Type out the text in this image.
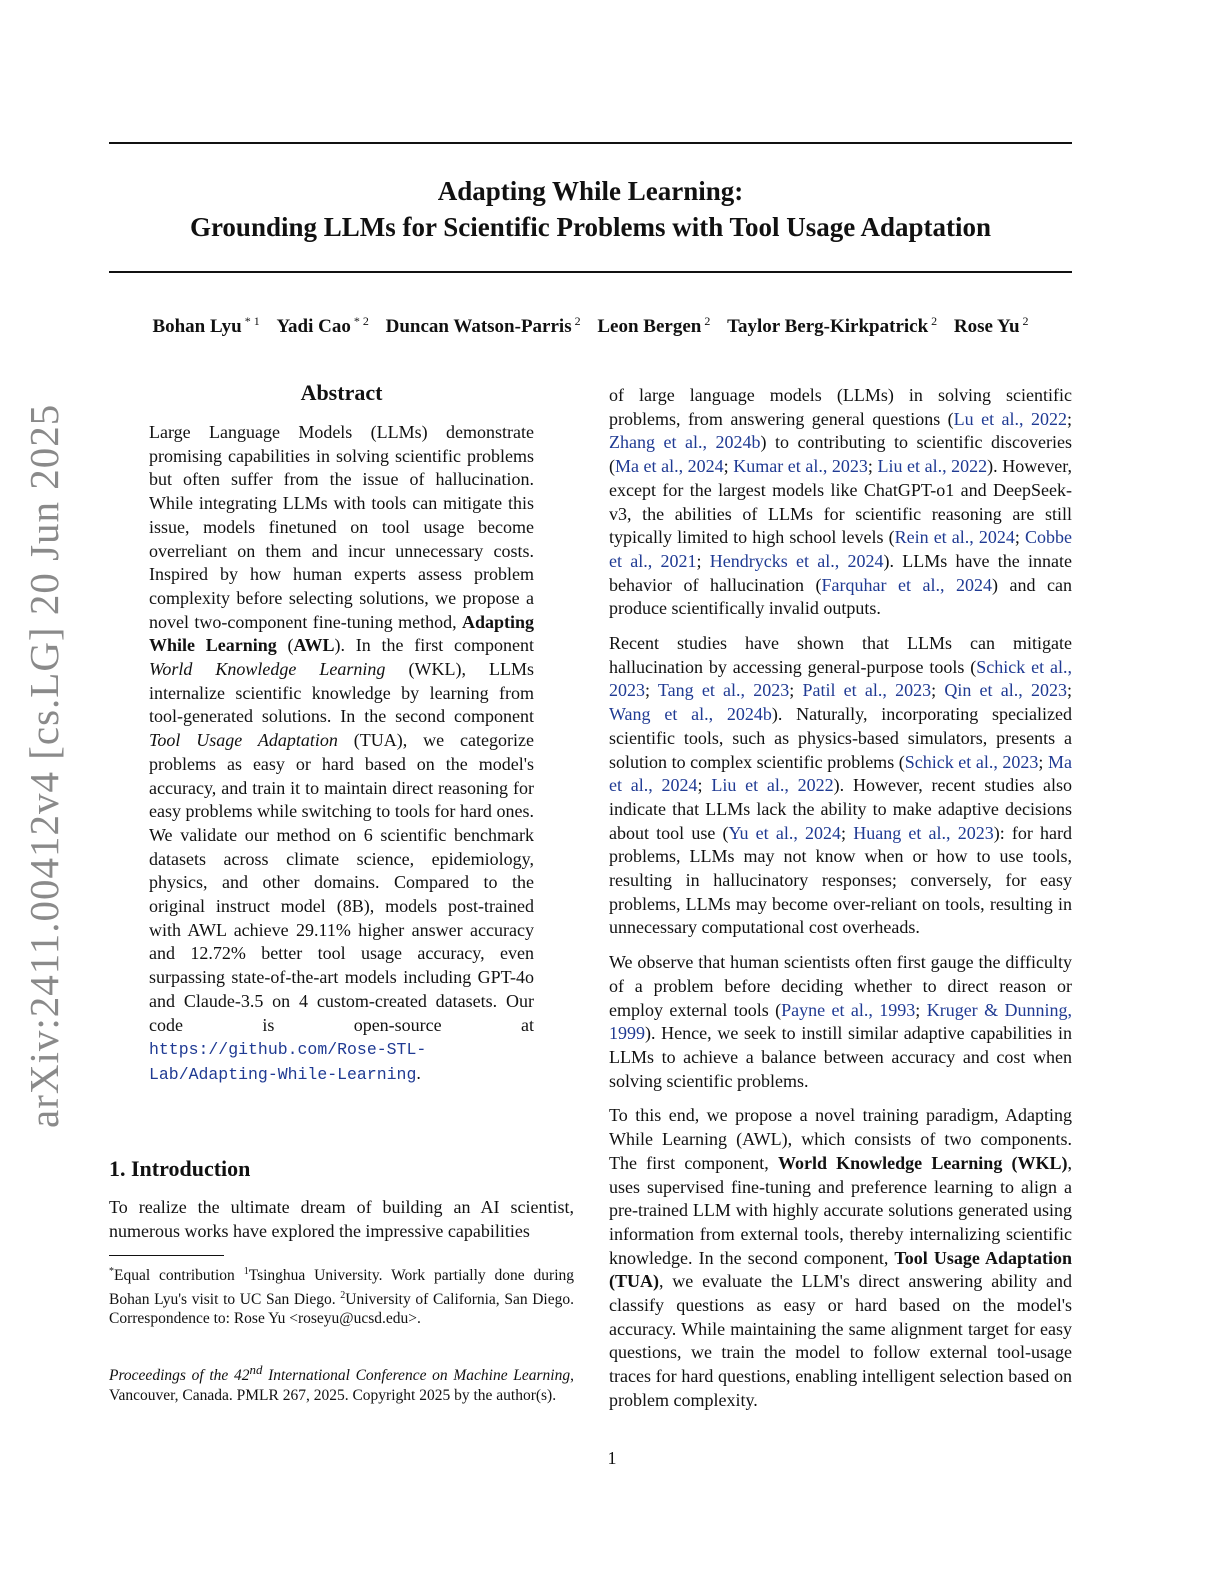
arXiv:2411.00412v4 [cs.LG] 20 Jun 2025
Adapting While Learning:
Grounding LLMs for Scientific Problems with Tool Usage Adaptation
Bohan Lyu $^{* 1}$ Yadi Cao $^{* 2}$ Duncan Watson-Parris $^2$ Leon Bergen $^2$ Taylor Berg-Kirkpatrick $^2$ Rose Yu $^2$
Abstract
Large Language Models (LLMs) demonstrate promising capabilities in solving scientific problems but often suffer from the issue of hallucination. While integrating LLMs with tools can mitigate this issue, models finetuned on tool usage become overreliant on them and incur unnecessary costs. Inspired by how human experts assess problem complexity before selecting solutions, we propose a novel two-component fine-tuning method, Adapting While Learning (AWL). In the first component World Knowledge Learning (WKL), LLMs internalize scientific knowledge by learning from tool-generated solutions. In the second component Tool Usage Adaptation (TUA), we categorize problems as easy or hard based on the model's accuracy, and train it to maintain direct reasoning for easy problems while switching to tools for hard ones. We validate our method on 6 scientific benchmark datasets across climate science, epidemiology, physics, and other domains. Compared to the original instruct model (8B), models post-trained with AWL achieve 29.11% higher answer accuracy and 12.72% better tool usage accuracy, even surpassing state-of-the-art models including GPT-4o and Claude-3.5 on 4 custom-created datasets. Our code is open-source at https://github.com/Rose-STL-Lab/Adapting-While-Learning.
1. Introduction
To realize the ultimate dream of building an AI scientist, numerous works have explored the impressive capabilities
*Equal contribution $^1$Tsinghua University. Work partially done during Bohan Lyu's visit to UC San Diego. $^2$University of California, San Diego. Correspondence to: Rose Yu <roseyu@ucsd.edu>.
Proceedings of the 42nd International Conference on Machine Learning, Vancouver, Canada. PMLR 267, 2025. Copyright 2025 by the author(s).

of large language models (LLMs) in solving scientific problems, from answering general questions (Lu et al., 2022; Zhang et al., 2024b) to contributing to scientific discoveries (Ma et al., 2024; Kumar et al., 2023; Liu et al., 2022). However, except for the largest models like ChatGPT-o1 and DeepSeek-v3, the abilities of LLMs for scientific reasoning are still typically limited to high school levels (Rein et al., 2024; Cobbe et al., 2021; Hendrycks et al., 2024). LLMs have the innate behavior of hallucination (Farquhar et al., 2024) and can produce scientifically invalid outputs.

Recent studies have shown that LLMs can mitigate hallucination by accessing general-purpose tools (Schick et al., 2023; Tang et al., 2023; Patil et al., 2023; Qin et al., 2023; Wang et al., 2024b). Naturally, incorporating specialized scientific tools, such as physics-based simulators, presents a solution to complex scientific problems (Schick et al., 2023; Ma et al., 2024; Liu et al., 2022). However, recent studies also indicate that LLMs lack the ability to make adaptive decisions about tool use (Yu et al., 2024; Huang et al., 2023): for hard problems, LLMs may not know when or how to use tools, resulting in hallucinatory responses; conversely, for easy problems, LLMs may become over-reliant on tools, resulting in unnecessary computational cost overheads.

We observe that human scientists often first gauge the difficulty of a problem before deciding whether to direct reason or employ external tools (Payne et al., 1993; Kruger & Dunning, 1999). Hence, we seek to instill similar adaptive capabilities in LLMs to achieve a balance between accuracy and cost when solving scientific problems.

To this end, we propose a novel training paradigm, Adapting While Learning (AWL), which consists of two components. The first component, World Knowledge Learning (WKL), uses supervised fine-tuning and preference learning to align a pre-trained LLM with highly accurate solutions generated using information from external tools, thereby internalizing scientific knowledge. In the second component, Tool Usage Adaptation (TUA), we evaluate the LLM's direct answering ability and classify questions as easy or hard based on the model's accuracy. While maintaining the same alignment target for easy questions, we train the model to follow external tool-usage traces for hard questions, enabling intelligent selection based on problem complexity.

1
